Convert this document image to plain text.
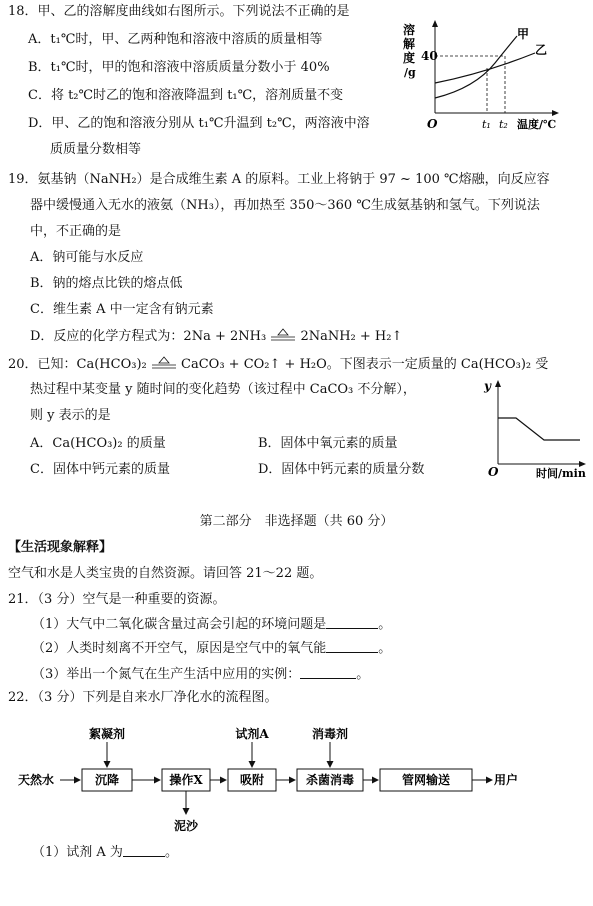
18．甲、乙的溶解度曲线如右图所示。下列说法不正确的是
A．t₁℃时，甲、乙两种饱和溶液中溶质的质量相等
B．t₁℃时，甲的饱和溶液中溶质质量分数小于 40%
C．将 t₂℃时乙的饱和溶液降温到 t₁℃，溶剂质量不变
D．甲、乙的饱和溶液分别从 t₁℃升温到 t₂℃，两溶液中溶
质质量分数相等
溶
解
度
/g
40
甲
乙
O	t₁ t₂ 温度/℃
19．氨基钠（NaNH₂）是合成维生素 A 的原料。工业上将钠于 97 ~ 100 ℃熔融，向反应容
器中缓慢通入无水的液氨（NH₃），再加热至 350～360 ℃生成氨基钠和氢气。下列说法
中，不正确的是
A．钠可能与水反应
B．钠的熔点比铁的熔点低
C．维生素 A 中一定含有钠元素
D．反应的化学方程式为：2Na + 2NH₃	2NaNH₂ + H₂↑
20．已知：Ca(HCO₃)₂	CaCO₃ + CO₂↑ + H₂O。下图表示一定质量的 Ca(HCO₃)₂ 受
热过程中某变量 y 随时间的变化趋势（该过程中 CaCO₃ 不分解），
则 y 表示的是
A．Ca(HCO₃)₂ 的质量	B．固体中氧元素的质量
C．固体中钙元素的质量	D．固体中钙元素的质量分数
y
O	时间/min
第二部分　非选择题（共 60 分）
【生活现象解释】
空气和水是人类宝贵的自然资源。请回答 21～22 题。
21．（3 分）空气是一种重要的资源。
（1）大气中二氧化碳含量过高会引起的环境问题是	。
（2）人类时刻离不开空气，原因是空气中的氧气能	。
（3）举出一个氮气在生产生活中应用的实例：	。
22．（3 分）下列是自来水厂净化水的流程图。
天然水	沉降	操作X	吸附	杀菌消毒	管网输送	用户
絮凝剂	试剂A	消毒剂
泥沙
（1）试剂 A 为	。
